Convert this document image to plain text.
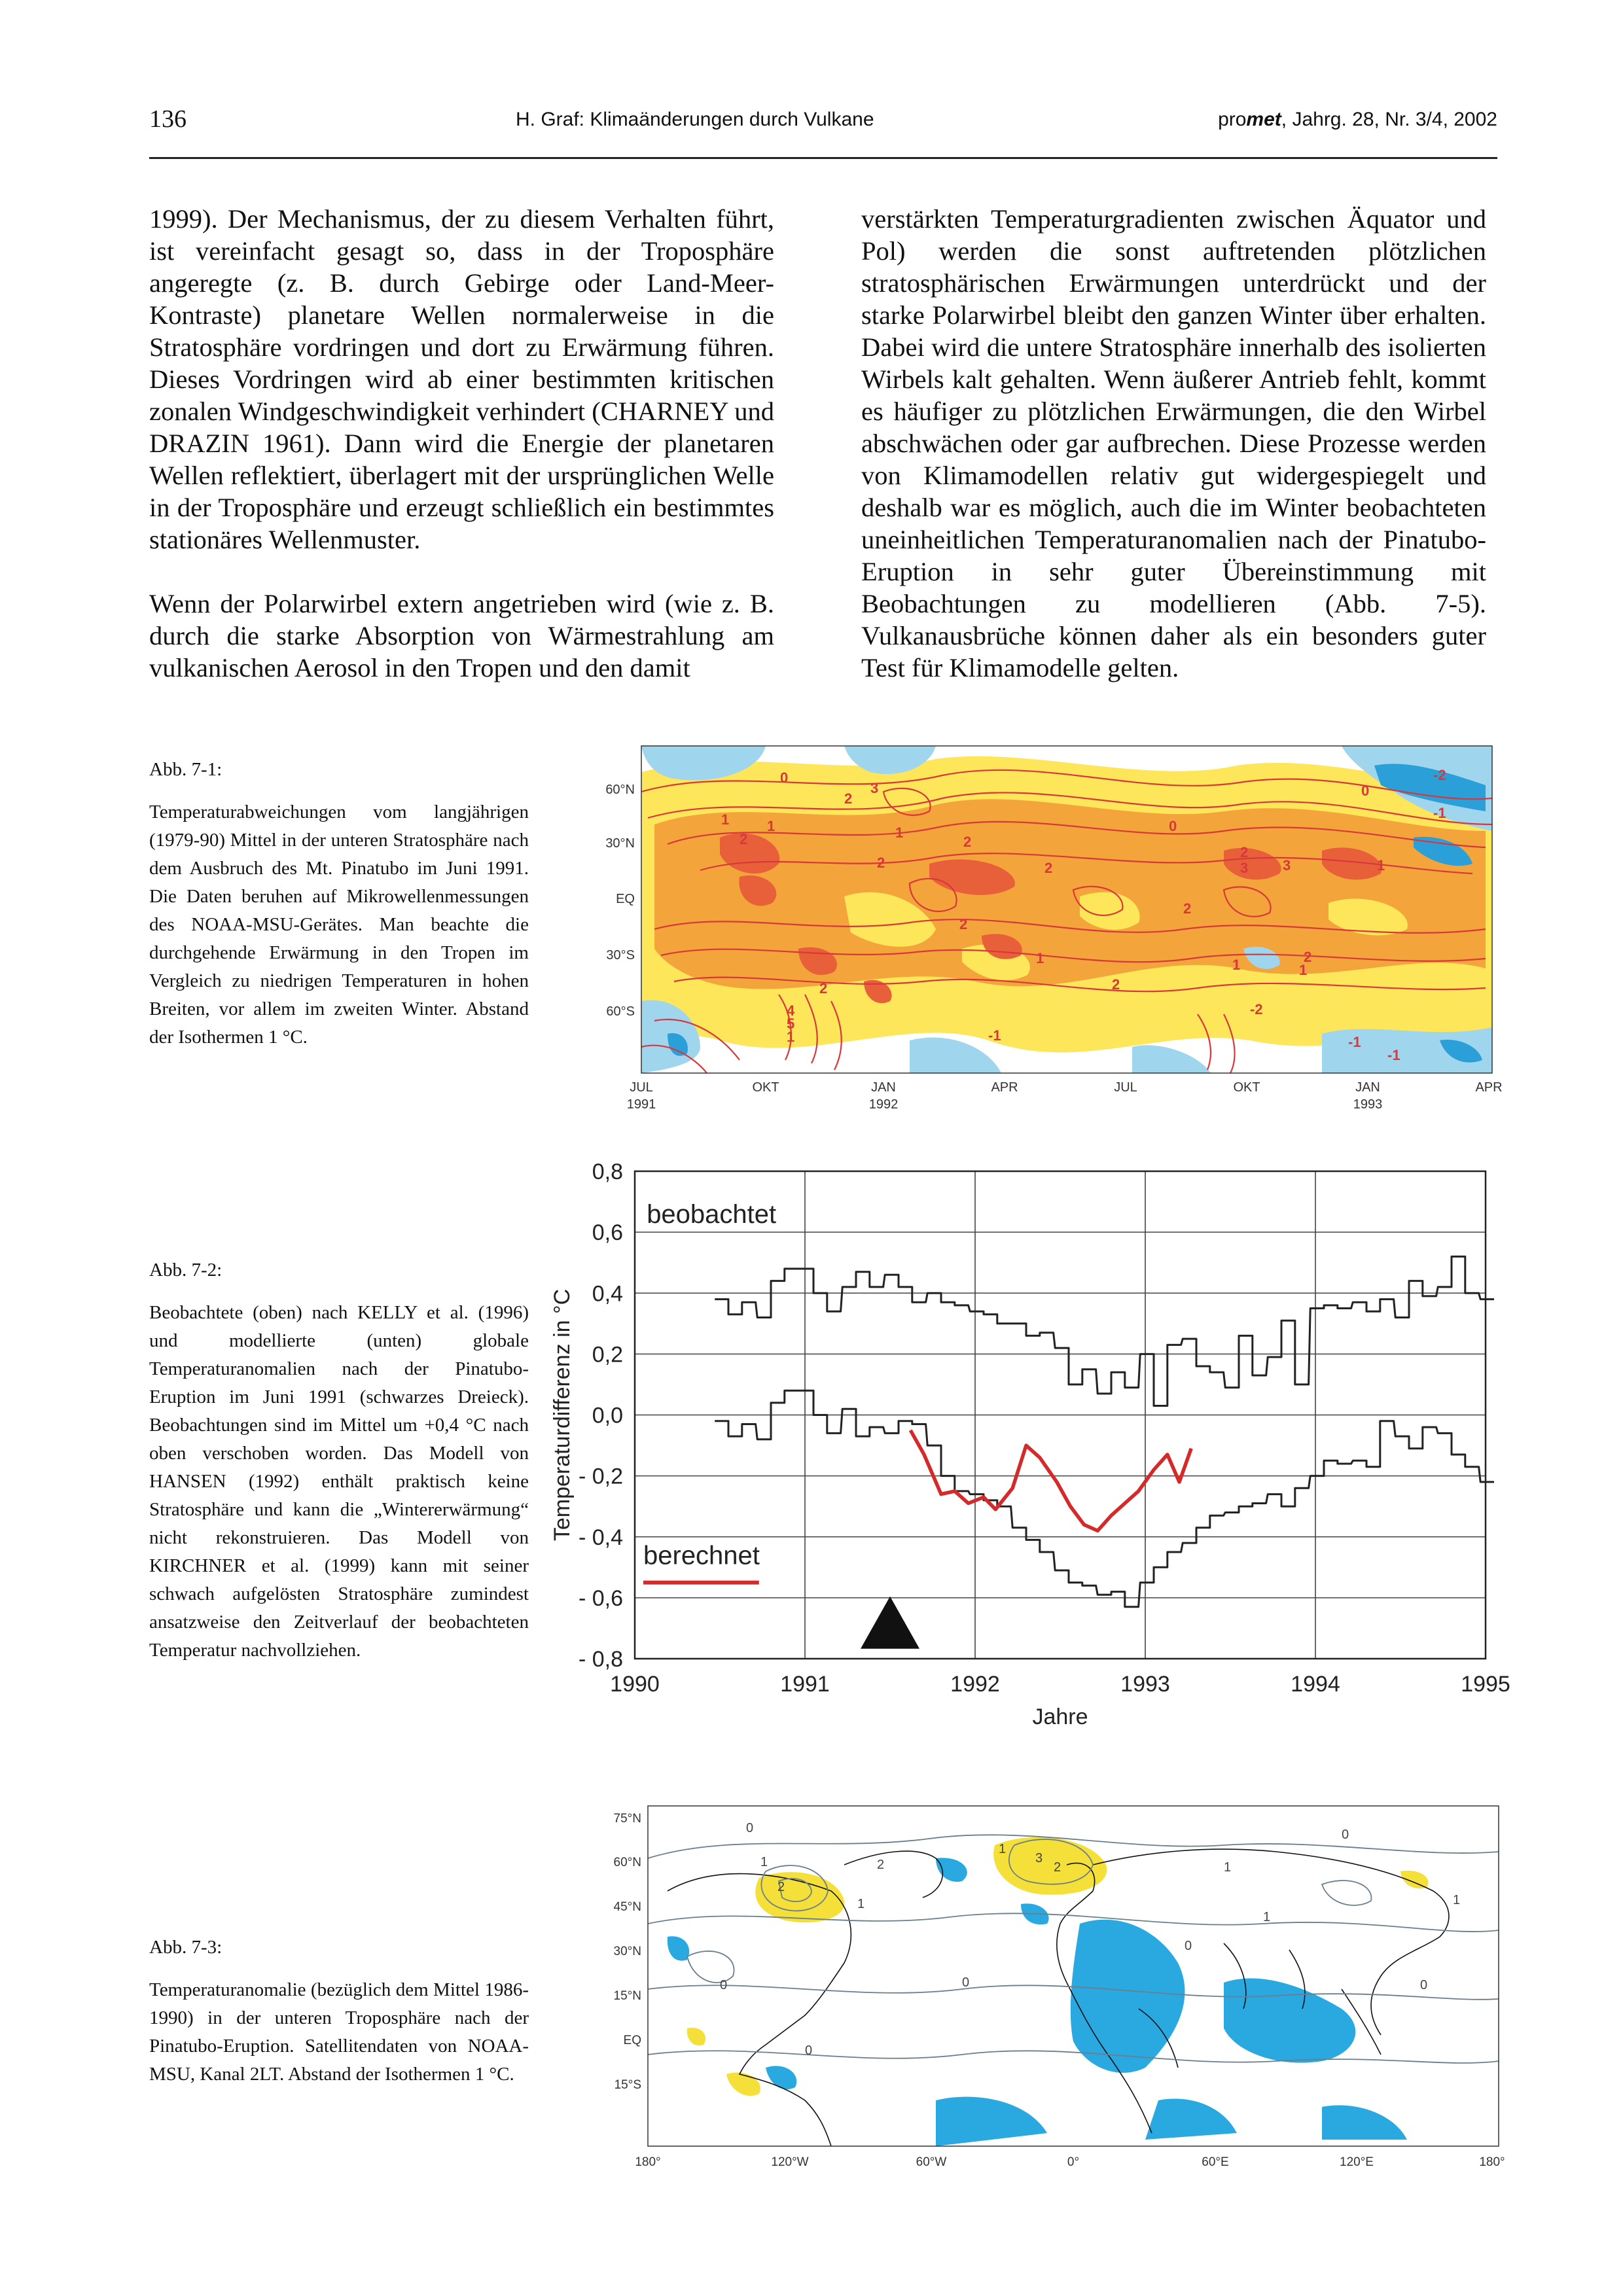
136	H. Graf: Klimaänderungen durch Vulkane	promet, Jahrg. 28, Nr. 3/4, 2002

1999). Der Mechanismus, der zu diesem Verhalten führt, ist vereinfacht gesagt so, dass in der Troposphäre angeregte (z. B. durch Gebirge oder Land-Meer-Kontraste) planetare Wellen normalerweise in die Stratosphäre vordringen und dort zu Erwärmung führen. Dieses Vordringen wird ab einer bestimmten kritischen zonalen Windgeschwindigkeit verhindert (CHARNEY und DRAZIN 1961). Dann wird die Energie der planetaren Wellen reflektiert, überlagert mit der ursprünglichen Welle in der Troposphäre und erzeugt schließlich ein bestimmtes stationäres Wellenmuster.

Wenn der Polarwirbel extern angetrieben wird (wie z. B. durch die starke Absorption von Wärmestrahlung am vulkanischen Aerosol in den Tropen und den damit

verstärkten Temperaturgradienten zwischen Äquator und Pol) werden die sonst auftretenden plötzlichen stratosphärischen Erwärmungen unterdrückt und der starke Polarwirbel bleibt den ganzen Winter über erhalten. Dabei wird die untere Stratosphäre innerhalb des isolierten Wirbels kalt gehalten. Wenn äußerer Antrieb fehlt, kommt es häufiger zu plötzlichen Erwärmungen, die den Wirbel abschwächen oder gar aufbrechen. Diese Prozesse werden von Klimamodellen relativ gut widergespiegelt und deshalb war es möglich, auch die im Winter beobachteten uneinheitlichen Temperaturanomalien nach der Pinatubo-Eruption in sehr guter Übereinstimmung mit Beobachtungen zu modellieren (Abb. 7-5). Vulkanausbrüche können daher als ein besonders guter Test für Klimamodelle gelten.

Abb. 7-1:
Temperaturabweichungen vom langjährigen (1979-90) Mittel in der unteren Stratosphäre nach dem Ausbruch des Mt. Pinatubo im Juni 1991. Die Daten beruhen auf Mikrowellenmessungen des NOAA-MSU-Gerätes. Man beachte die durchgehende Erwärmung in den Tropen im Vergleich zu niedrigen Temperaturen in hohen Breiten, vor allem im zweiten Winter. Abstand der Isothermen 1 °C.
Abb. 7-2:
Beobachtete (oben) nach KELLY et al. (1996) und modellierte (unten) globale Temperaturanomalien nach der Pinatubo-Eruption im Juni 1991 (schwarzes Dreieck). Beobachtungen sind im Mittel um +0,4 °C nach oben verschoben worden. Das Modell von HANSEN (1992) enthält praktisch keine Stratosphäre und kann die „Wintererwärmung“ nicht rekonstruieren. Das Modell von KIRCHNER et al. (1999) kann mit seiner schwach aufgelösten Stratosphäre zumindest ansatzweise den Zeitverlauf der beobachteten Temperatur nachvollziehen.
Abb. 7-3:
Temperaturanomalie (bezüglich dem Mittel 1986-1990) in der unteren Troposphäre nach der Pinatubo-Eruption. Satellitendaten von NOAA-MSU, Kanal 2LT. Abstand der Isothermen 1 °C.
1
2
1
2
3
2
1
2
2
2	3 3
2
1
2
2
1
1
2
1
1	-1
-2
-1
-2
-1
4
5
2
0
0
0
-1
60°N
30°N
EQ
30°S
60°S
JUL	OKT	JAN	APR	JUL	OKT	JAN	APR
1991	1992	1993
0,8
0,6
0,4
0,2
0,0
- 0,2
- 0,4
- 0,6
- 0,8
1990	1991	1992	1993	1994	1995
Jahre
Temperaturdifferenz in °C
beobachtet
berechnet
1
2
1
2
3
1
1
1
0	0
0	0
0
0
0
2
1
75°N
60°N
45°N
30°N
15°N
EQ
15°S
180°	120°W	60°W	0°	60°E	120°E	180°
